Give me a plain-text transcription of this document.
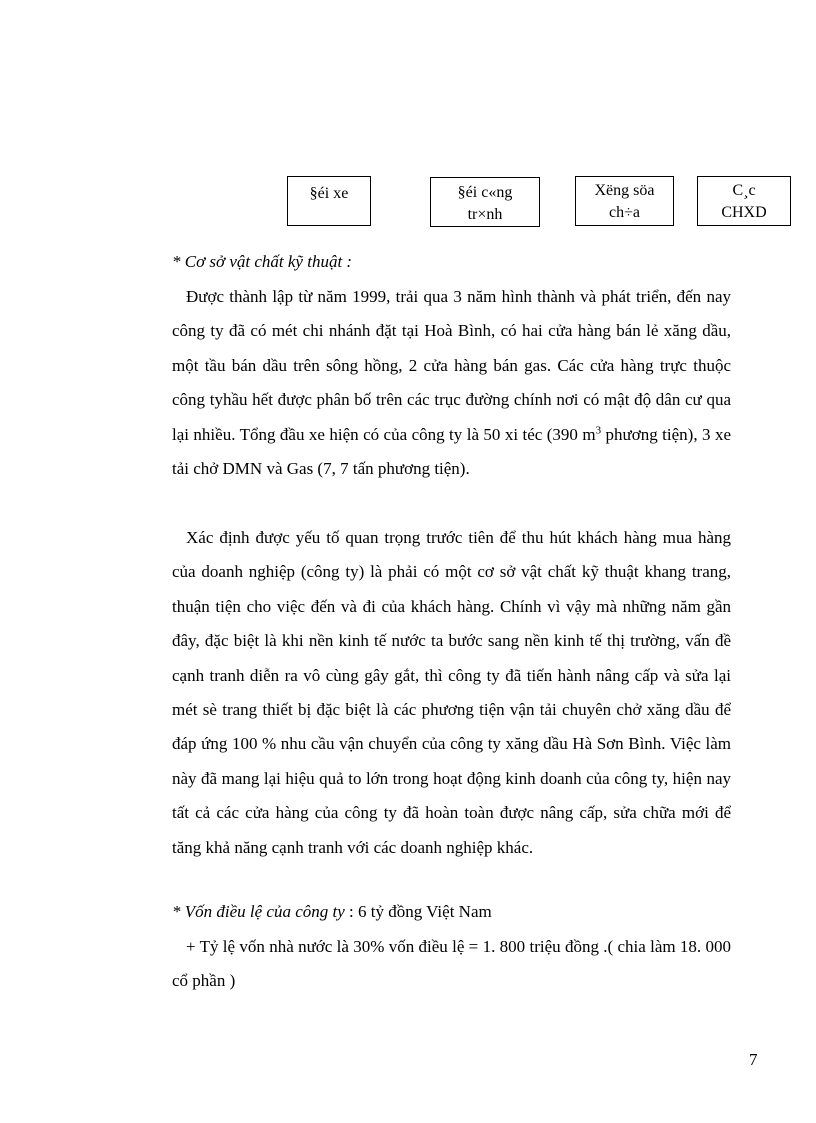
§éi xe	§éi c«ng
tr×nh
Xëng söa
ch÷a
C¸c
CHXD
* Cơ sở vật chất kỹ thuật :

Được thành lập từ năm 1999, trải qua 3 năm hình thành và phát triển, đến nay công ty đã có mét chi nhánh đặt tại Hoà Bình, có hai cửa hàng bán lẻ xăng dầu, một tầu bán dầu trên sông hồng, 2 cửa hàng bán gas. Các cửa hàng trực thuộc công tyhầu hết được phân bố trên các trục đường chính nơi có mật độ dân cư qua lại nhiều. Tổng đầu xe hiện có của công ty là 50 xi téc (390 $m^3$ phương tiện), 3 xe tải chở DMN và Gas (7, 7 tấn phương tiện).

Xác định được yếu tố quan trọng trước tiên để thu hút khách hàng mua hàng của doanh nghiệp (công ty) là phải có một cơ sở vật chất kỹ thuật khang trang, thuận tiện cho việc đến và đi của khách hàng. Chính vì vậy mà những năm gần đây, đặc biệt là khi nền kinh tế nước ta bước sang nền kinh tế thị trường, vấn đề cạnh tranh diễn ra vô cùng gây gắt, thì công ty đã tiến hành nâng cấp và sửa lại mét sè trang thiết bị đặc biệt là các phương tiện vận tải chuyên chở xăng dầu để đáp ứng 100 % nhu cầu vận chuyển của công ty xăng dầu Hà Sơn Bình. Việc làm này đã mang lại hiệu quả to lớn trong hoạt động kinh doanh của công ty, hiện nay tất cả các cửa hàng của công ty đã hoàn toàn được nâng cấp, sửa chữa mới để tăng khả năng cạnh tranh với các doanh nghiệp khác.

* Vốn điều lệ của công ty : 6 tỷ đồng Việt Nam

+ Tỷ lệ vốn nhà nước là 30% vốn điều lệ = 1. 800 triệu đồng .( chia làm 18. 000 cổ phần )

7
